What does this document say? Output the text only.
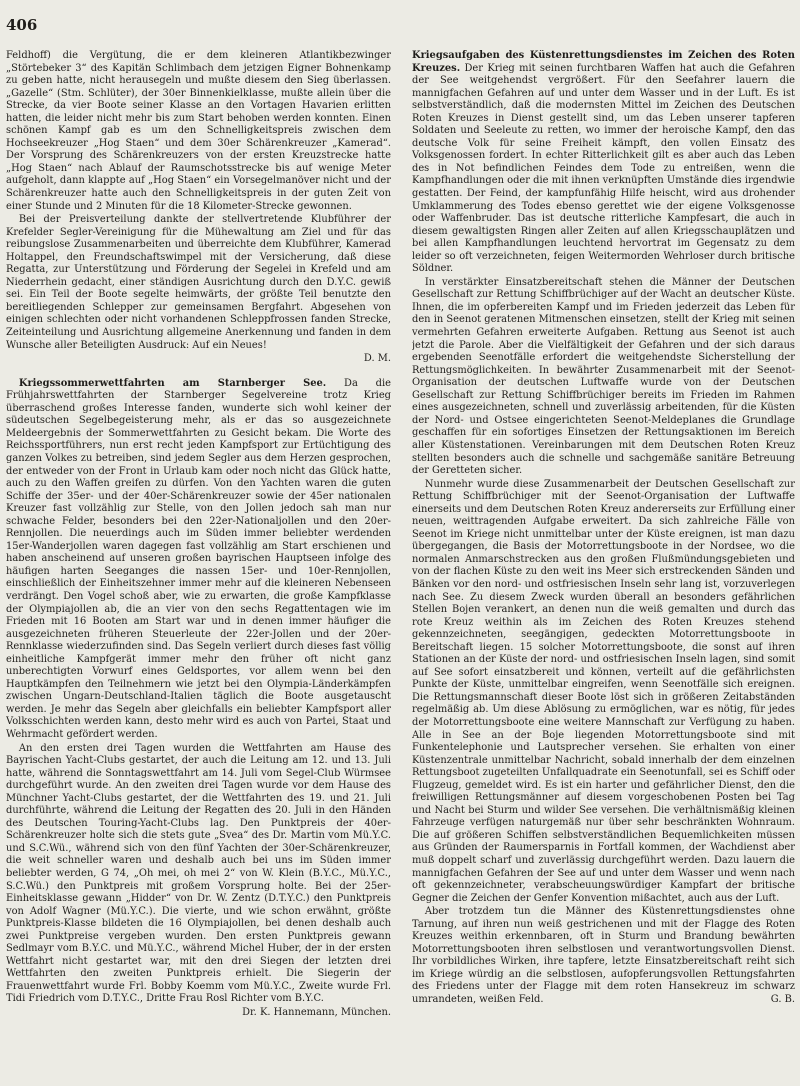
406

Feldhoff) die Vergütung, die er dem kleineren Atlantikbezwinger „Störtebeker 3“ des Kapitän Schlimbach dem jetzigen Eigner Bohnenkamp zu geben hatte, nicht herausegeln und mußte diesem den Sieg überlassen. „Gazelle“ (Stm. Schlüter), der 30er Binnenkielklasse, mußte allein über die Strecke, da vier Boote seiner Klasse an den Vortagen Havarien erlitten hatten, die leider nicht mehr bis zum Start behoben werden konnten. Einen schönen Kampf gab es um den Schnelligkeitspreis zwischen dem Hochseekreuzer „Hog Staen“ und dem 30er Schärenkreuzer „Kamerad“. Der Vorsprung des Schärenkreuzers von der ersten Kreuzstrecke hatte „Hog Staen“ nach Ablauf der Raumschotsstrecke bis auf wenige Meter aufgeholt, dann klappte auf „Hog Staen“ ein Vorsegelmanöver nicht und der Schärenkreuzer hatte auch den Schnelligkeitspreis in der guten Zeit von einer Stunde und 2 Minuten für die 18 Kilometer-Strecke gewonnen.

Bei der Preisverteilung dankte der stellvertretende Klubführer der Krefelder Segler-Vereinigung für die Mühewaltung am Ziel und für das reibungslose Zusammenarbeiten und überreichte dem Klubführer, Kamerad Holtappel, den Freundschaftswimpel mit der Versicherung, daß diese Regatta, zur Unterstützung und Förderung der Segelei in Krefeld und am Niederrhein gedacht, einer ständigen Ausrichtung durch den D.Y.C. gewiß sei. Ein Teil der Boote segelte heimwärts, der größte Teil benutzte den bereitliegenden Schlepper zur gemeinsamen Bergfahrt. Abgesehen von einigen schlechten oder nicht vorhandenen Schleppfrossen fanden Strecke, Zeiteinteilung und Ausrichtung allgemeine Anerkennung und fanden in dem Wunsche aller Beteiligten Ausdruck: Auf ein Neues!

D. M.

Kriegssommerwettfahrten am Starnberger See. Da die Frühjahrswettfahrten der Starnberger Segelvereine trotz Krieg überraschend großes Interesse fanden, wunderte sich wohl keiner der südeutschen Segelbegeisterung mehr, als er das so ausgezeichnete Meldeergebnis der Sommerwettfahrten zu Gesicht bekam. Die Worte des Reichssportführers, nun erst recht jeden Kampfsport zur Ertüchtigung des ganzen Volkes zu betreiben, sind jedem Segler aus dem Herzen gesprochen, der entweder von der Front in Urlaub kam oder noch nicht das Glück hatte, auch zu den Waffen greifen zu dürfen. Von den Yachten waren die guten Schiffe der 35er- und der 40er-Schärenkreuzer sowie der 45er nationalen Kreuzer fast vollzählig zur Stelle, von den Jollen jedoch sah man nur schwache Felder, besonders bei den 22er-Nationaljollen und den 20er-Rennjollen. Die neuerdings auch im Süden immer beliebter werdenden 15er-Wanderjollen waren dagegen fast vollzählig am Start erschienen und haben anscheinend auf unseren großen bayrischen Hauptseen infolge des häufigen harten Seeganges die nassen 15er- und 10er-Rennjollen, einschließlich der Einheitszehner immer mehr auf die kleineren Nebenseen verdrängt. Den Vogel schoß aber, wie zu erwarten, die große Kampfklasse der Olympiajollen ab, die an vier von den sechs Regattentagen wie im Frieden mit 16 Booten am Start war und in denen immer häufiger die ausgezeichneten früheren Steuerleute der 22er-Jollen und der 20er-Rennklasse wiederzufinden sind. Das Segeln verliert durch dieses fast völlig einheitliche Kampfgerät immer mehr den früher oft nicht ganz unberechtigten Vorwurf eines Geldsportes, vor allem wenn bei den Hauptkämpfen den Teilnehmern wie jetzt bei den Olympia-Länderkämpfen zwischen Ungarn-Deutschland-Italien täglich die Boote ausgetauscht werden. Je mehr das Segeln aber gleichfalls ein beliebter Kampfsport aller Volksschichten werden kann, desto mehr wird es auch von Partei, Staat und Wehrmacht gefördert werden.

An den ersten drei Tagen wurden die Wettfahrten am Hause des Bayrischen Yacht-Clubs gestartet, der auch die Leitung am 12. und 13. Juli hatte, während die Sonntagswettfahrt am 14. Juli vom Segel-Club Würmsee durchgeführt wurde. An den zweiten drei Tagen wurde vor dem Hause des Münchner Yacht-Clubs gestartet, der die Wettfahrten des 19. und 21. Juli durchführte, während die Leitung der Regatten des 20. Juli in den Händen des Deutschen Touring-Yacht-Clubs lag. Den Punktpreis der 40er-Schärenkreuzer holte sich die stets gute „Svea“ des Dr. Martin vom Mü.Y.C. und S.C.Wü., während sich von den fünf Yachten der 30er-Schärenkreuzer, die weit schneller waren und deshalb auch bei uns im Süden immer beliebter werden, G 74, „Oh mei, oh mei 2“ von W. Klein (B.Y.C., Mü.Y.C., S.C.Wü.) den Punktpreis mit großem Vorsprung holte. Bei der 25er-Einheitsklasse gewann „Hidder“ von Dr. W. Zentz (D.T.Y.C.) den Punktpreis von Adolf Wagner (Mü.Y.C.). Die vierte, und wie schon erwähnt, größte Punktpreis-Klasse bildeten die 16 Olympiajollen, bei denen deshalb auch zwei Punktpreise vergeben wurden. Den ersten Punktpreis gewann Sedlmayr vom B.Y.C. und Mü.Y.C., während Michel Huber, der in der ersten Wettfahrt nicht gestartet war, mit den drei Siegen der letzten drei Wettfahrten den zweiten Punktpreis erhielt. Die Siegerin der Frauenwettfahrt wurde Frl. Bobby Koemm vom Mü.Y.C., Zweite wurde Frl. Tidi Friedrich vom D.T.Y.C., Dritte Frau Rosl Richter vom B.Y.C.

Dr. K. Hannemann, München.

Kriegsaufgaben des Küstenrettungsdienstes im Zeichen des Roten Kreuzes. Der Krieg mit seinen furchtbaren Waffen hat auch die Gefahren der See weitgehendst vergrößert. Für den Seefahrer lauern die mannigfachen Gefahren auf und unter dem Wasser und in der Luft. Es ist selbstverständlich, daß die modernsten Mittel im Zeichen des Deutschen Roten Kreuzes in Dienst gestellt sind, um das Leben unserer tapferen Soldaten und Seeleute zu retten, wo immer der heroische Kampf, den das deutsche Volk für seine Freiheit kämpft, den vollen Einsatz des Volksgenossen fordert. In echter Ritterlichkeit gilt es aber auch das Leben des in Not befindlichen Feindes dem Tode zu entreißen, wenn die Kampfhandlungen oder die mit ihnen verknüpften Umstände dies irgendwie gestatten. Der Feind, der kampfunfähig Hilfe heischt, wird aus drohender Umklammerung des Todes ebenso gerettet wie der eigene Volksgenosse oder Waffenbruder. Das ist deutsche ritterliche Kampfesart, die auch in diesem gewaltigsten Ringen aller Zeiten auf allen Kriegsschauplätzen und bei allen Kampfhandlungen leuchtend hervortrat im Gegensatz zu dem leider so oft verzeichneten, feigen Weitermorden Wehrloser durch britische Söldner.

In verstärkter Einsatzbereitschaft stehen die Männer der Deutschen Gesellschaft zur Rettung Schiffbrüchiger auf der Wacht an deutscher Küste. Ihnen, die im opferbereiten Kampf und im Frieden jederzeit das Leben für den in Seenot geratenen Mitmenschen einsetzen, stellt der Krieg mit seinen vermehrten Gefahren erweiterte Aufgaben. Rettung aus Seenot ist auch jetzt die Parole. Aber die Vielfältigkeit der Gefahren und der sich daraus ergebenden Seenotfälle erfordert die weitgehendste Sicherstellung der Rettungsmöglichkeiten. In bewährter Zusammenarbeit mit der Seenot-Organisation der deutschen Luftwaffe wurde von der Deutschen Gesellschaft zur Rettung Schiffbrüchiger bereits im Frieden im Rahmen eines ausgezeichneten, schnell und zuverlässig arbeitenden, für die Küsten der Nord- und Ostsee eingerichteten Seenot-Meldeplanes die Grundlage geschaffen für ein sofortiges Einsetzen der Rettungsaktionen im Bereich aller Küstenstationen. Vereinbarungen mit dem Deutschen Roten Kreuz stellten besonders auch die schnelle und sachgemäße sanitäre Betreuung der Geretteten sicher.

Nunmehr wurde diese Zusammenarbeit der Deutschen Gesellschaft zur Rettung Schiffbrüchiger mit der Seenot-Organisation der Luftwaffe einerseits und dem Deutschen Roten Kreuz andererseits zur Erfüllung einer neuen, weittragenden Aufgabe erweitert. Da sich zahlreiche Fälle von Seenot im Kriege nicht unmittelbar unter der Küste ereignen, ist man dazu übergegangen, die Basis der Motorrettungsboote in der Nordsee, wo die normalen Anmarschstrecken aus den großen Flußmündungsgebieten und von der flachen Küste zu den weit ins Meer sich erstreckenden Sänden und Bänken vor den nord- und ostfriesischen Inseln sehr lang ist, vorzuverlegen nach See. Zu diesem Zweck wurden überall an besonders gefährlichen Stellen Bojen verankert, an denen nun die weiß gemalten und durch das rote Kreuz weithin als im Zeichen des Roten Kreuzes stehend gekennzeichneten, seegängigen, gedeckten Motorrettungsboote in Bereitschaft liegen. 15 solcher Motorrettungsboote, die sonst auf ihren Stationen an der Küste der nord- und ostfriesischen Inseln lagen, sind somit auf See sofort einsatzbereit und können, verteilt auf die gefährlichsten Punkte der Küste, unmittelbar eingreifen, wenn Seenotfälle sich ereignen. Die Rettungsmannschaft dieser Boote löst sich in größeren Zeitabständen regelmäßig ab. Um diese Ablösung zu ermöglichen, war es nötig, für jedes der Motorrettungsboote eine weitere Mannschaft zur Verfügung zu haben. Alle in See an der Boje liegenden Motorrettungsboote sind mit Funkentelephonie und Lautsprecher versehen. Sie erhalten von einer Küstenzentrale unmittelbar Nachricht, sobald innerhalb der dem einzelnen Rettungsboot zugeteilten Unfallquadrate ein Seenotunfall, sei es Schiff oder Flugzeug, gemeldet wird. Es ist ein harter und gefährlicher Dienst, den die freiwilligen Rettungsmänner auf diesem vorgeschobenen Posten bei Tag und Nacht bei Sturm und wilder See versehen. Die verhältnismäßig kleinen Fahrzeuge verfügen naturgemäß nur über sehr beschränkten Wohnraum. Die auf größeren Schiffen selbstverständlichen Bequemlichkeiten müssen aus Gründen der Raumersparnis in Fortfall kommen, der Wachdienst aber muß doppelt scharf und zuverlässig durchgeführt werden. Dazu lauern die mannigfachen Gefahren der See auf und unter dem Wasser und wenn nach oft gekennzeichneter, verabscheuungswürdiger Kampfart der britische Gegner die Zeichen der Genfer Konvention mißachtet, auch aus der Luft.

Aber trotzdem tun die Männer des Küstenrettungsdienstes ohne Tarnung, auf ihren nun weiß gestrichenen und mit der Flagge des Roten Kreuzes weithin erkennbaren, oft in Sturm und Brandung bewährten Motorrettungsbooten ihren selbstlosen und verantwortungsvollen Dienst. Ihr vorbildliches Wirken, ihre tapfere, letzte Einsatzbereitschaft reiht sich im Kriege würdig an die selbstlosen, aufopferungsvollen Rettungsfahrten des Friedens unter der Flagge mit dem roten Hansekreuz im schwarz umrandeten, weißen Feld.	G. B.
